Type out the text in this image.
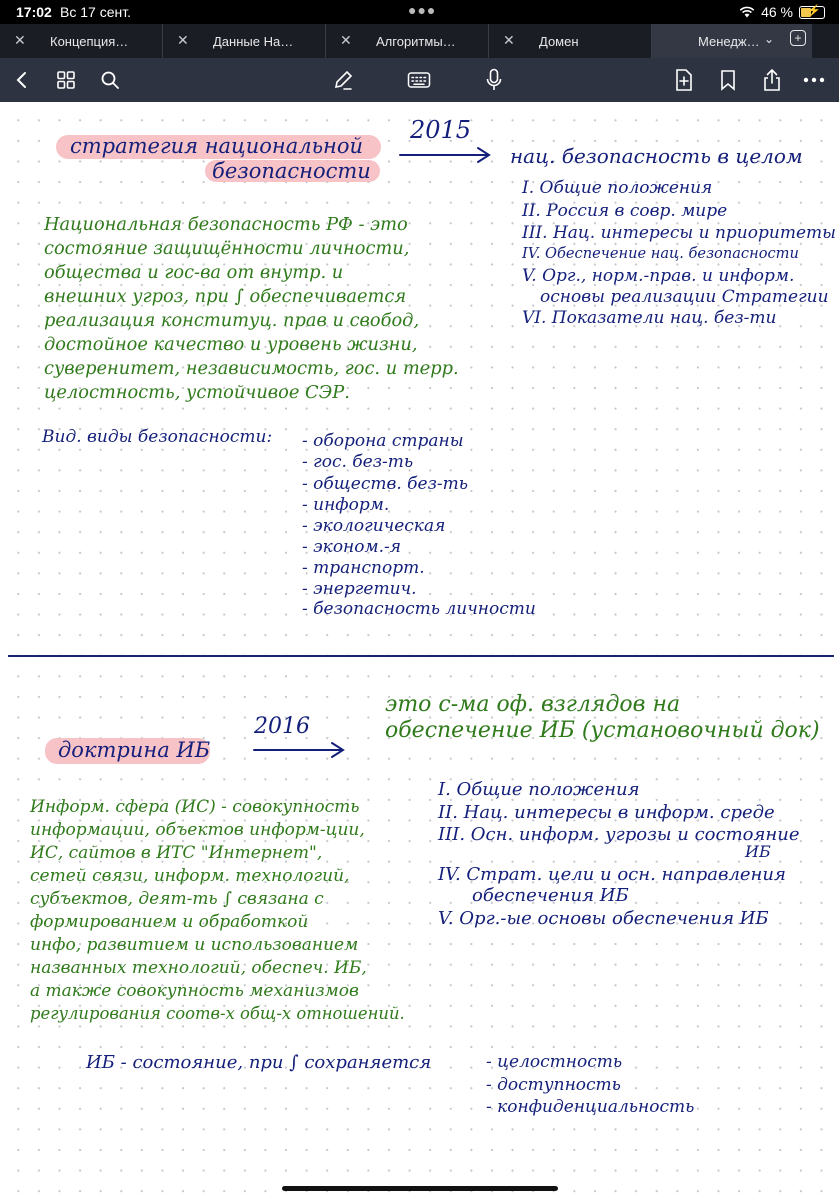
17:02 Вс 17 сент.	●●●	46 % ⚡
✕ Концепция…	✕ Данные На…	✕ Алгоритмы…	✕ Домен	Менедж… ⌄	+
стратегия национальной
безопасности
2015
нац. безопасность в целом
I. Общие положения
II. Россия в совр. мире
III. Нац. интересы и приоритеты
IV. Обеспечение нац. безопасности
V. Орг., норм.-прав. и информ.
основы реализации Стратегии
VI. Показатели нац. без-ти
Национальная безопасность РФ - это
состояние защищённости личности,
общества и гос-ва от внутр. и
внешних угроз, при ∫ обеспечивается
реализация конституц. прав и свобод,
достойное качество и уровень жизни,
суверенитет, независимость, гос. и терр.
целостность, устойчивое СЭР.
Вид. виды безопасности: - оборона страны
- гос. без-ть
- обществ. без-ть
- информ.
- экологическая
- эконом.-я
- транспорт.
- энергетич.
- безопасность личности
доктрина ИБ
2016
это с-ма оф. взглядов на
обеспечение ИБ (установочный док)
I. Общие положения
II. Нац. интересы в информ. среде
III. Осн. информ. угрозы и состояние
ИБ
IV. Страт. цели и осн. направления
обеспечения ИБ
V. Орг.-ые основы обеспечения ИБ
Информ. сфера (ИС) - совокупность
информации, объектов информ-ции,
ИС, сайтов в ИТС "Интернет",
сетей связи, информ. технологий,
субъектов, деят-ть ∫ связана с
формированием и обработкой
инфо, развитием и использованием
названных технологий, обеспеч. ИБ,
а также совокупность механизмов
регулирования соотв-х общ-х отношений.
ИБ - состояние, при ∫ сохраняется	- целостность
- доступность
- конфиденциальность
